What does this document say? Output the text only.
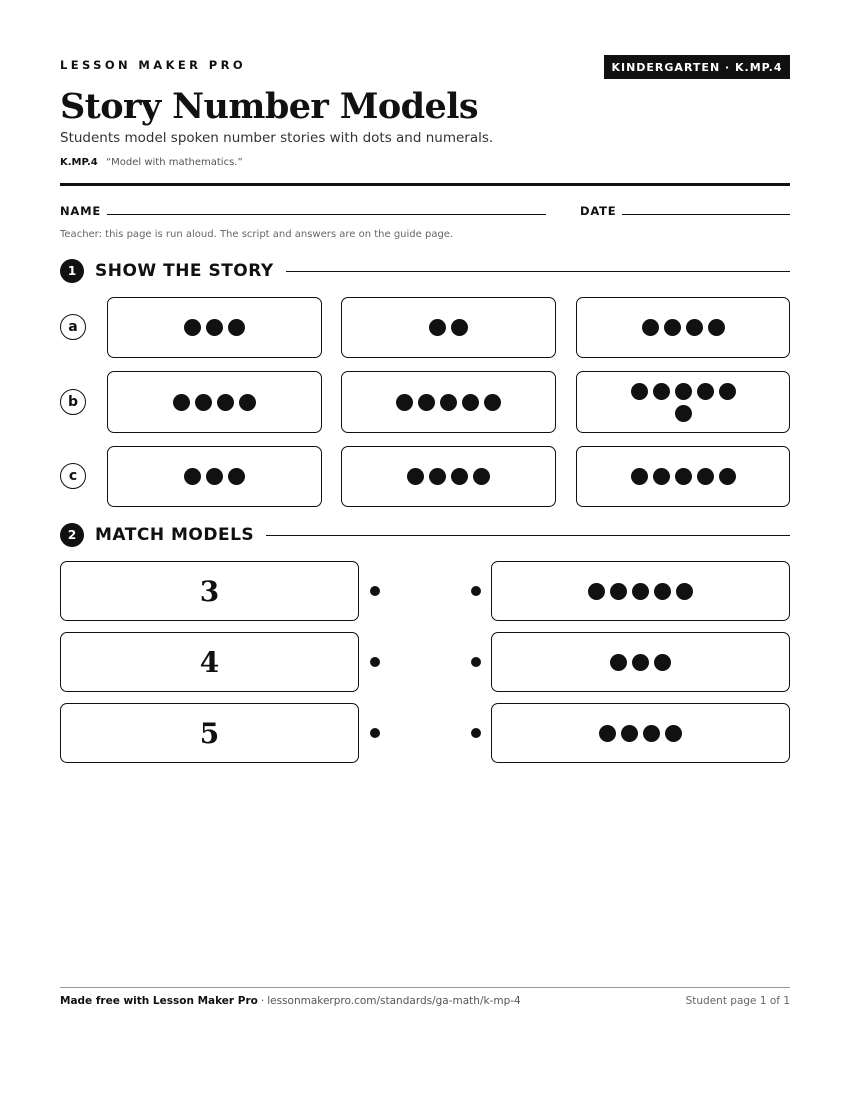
LESSON MAKER PRO	KINDERGARTEN · K.MP.4
Story Number Models
Students model spoken number stories with dots and numerals.
K.MP.4 “Model with mathematics.”
NAME	DATE
Teacher: this page is run aloud. The script and answers are on the guide page.
1	SHOW THE STORY
a
b
c
2	MATCH MODELS
3
4
5
Made free with Lesson Maker Pro · lessonmakerpro.com/standards/ga-math/k-mp-4	Student page 1 of 1
